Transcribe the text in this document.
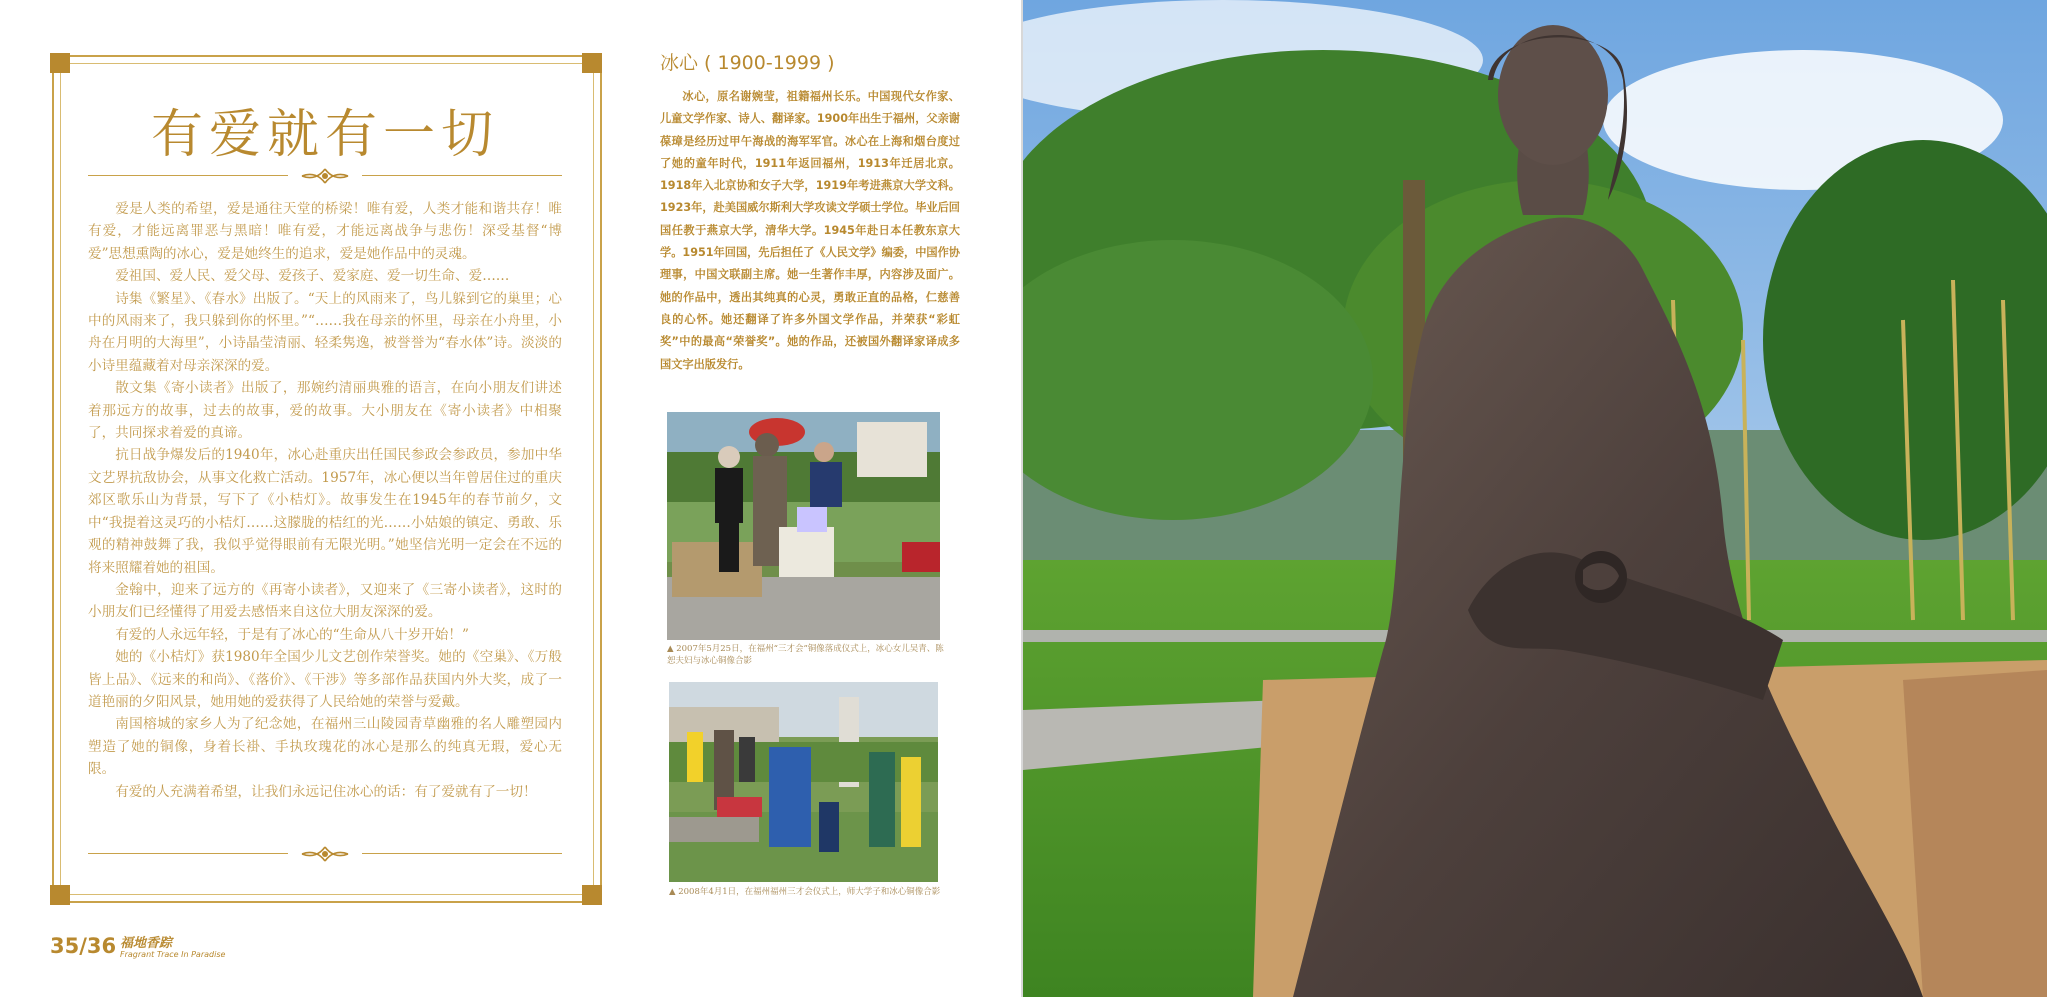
有爱就有一切

爱是人类的希望，爱是通往天堂的桥梁！唯有爱，人类才能和谐共存！唯有爱，才能远离罪恶与黑暗！唯有爱，才能远离战争与悲伤！深受基督“博爱”思想熏陶的冰心，爱是她终生的追求，爱是她作品中的灵魂。

爱祖国、爱人民、爱父母、爱孩子、爱家庭、爱一切生命、爱……

诗集《繁星》、《春水》出版了。“天上的风雨来了，鸟儿躲到它的巢里；心中的风雨来了，我只躲到你的怀里。”“……我在母亲的怀里，母亲在小舟里，小舟在月明的大海里”，小诗晶莹清丽、轻柔隽逸，被誉誉为“春水体”诗。淡淡的小诗里蕴藏着对母亲深深的爱。

散文集《寄小读者》出版了，那婉约清丽典雅的语言，在向小朋友们讲述着那远方的故事，过去的故事，爱的故事。大小朋友在《寄小读者》中相聚了，共同探求着爱的真谛。

抗日战争爆发后的1940年，冰心赴重庆出任国民参政会参政员，参加中华文艺界抗敌协会，从事文化救亡活动。1957年，冰心便以当年曾居住过的重庆郊区歌乐山为背景，写下了《小桔灯》。故事发生在1945年的春节前夕，文中“我提着这灵巧的小桔灯……这朦胧的桔红的光……小姑娘的镇定、勇敢、乐观的精神鼓舞了我，我似乎觉得眼前有无限光明。”她坚信光明一定会在不远的将来照耀着她的祖国。

金翰中，迎来了远方的《再寄小读者》，又迎来了《三寄小读者》，这时的小朋友们已经懂得了用爱去感悟来自这位大朋友深深的爱。

有爱的人永远年轻，于是有了冰心的“生命从八十岁开始！”

她的《小桔灯》获1980年全国少儿文艺创作荣誉奖。她的《空巢》、《万般皆上品》、《远来的和尚》、《落价》、《干涉》等多部作品获国内外大奖，成了一道艳丽的夕阳风景，她用她的爱获得了人民给她的荣誉与爱戴。

南国榕城的家乡人为了纪念她，在福州三山陵园青草幽雅的名人雕塑园内塑造了她的铜像，身着长褂、手执玫瑰花的冰心是那么的纯真无瑕，爱心无限。

有爱的人充满着希望，让我们永远记住冰心的话：有了爱就有了一切！

冰心 ( 1900-1999 )
冰心，原名谢婉莹，祖籍福州长乐。中国现代女作家、儿童文学作家、诗人、翻译家。1900年出生于福州，父亲谢葆璋是经历过甲午海战的海军军官。冰心在上海和烟台度过了她的童年时代，1911年返回福州，1913年迁居北京。1918年入北京协和女子大学，1919年考进燕京大学文科。1923年，赴美国威尔斯利大学攻读文学硕士学位。毕业后回国任教于燕京大学，清华大学。1945年赴日本任教东京大学。1951年回国，先后担任了《人民文学》编委，中国作协理事，中国文联副主席。她一生著作丰厚，内容涉及面广。她的作品中，透出其纯真的心灵，勇敢正直的品格，仁慈善良的心怀。她还翻译了许多外国文学作品，并荣获“彩虹奖”中的最高“荣誉奖”。她的作品，还被国外翻译家译成多国文字出版发行。
▲ 2007年5月25日，在福州“三才会”铜像落成仪式上，冰心女儿吴青、陈恕夫妇与冰心铜像合影
▲ 2008年4月1日，在福州福州三才会仪式上，师大学子和冰心铜像合影
35/36 福地香踪
Fragrant Trace In Paradise
